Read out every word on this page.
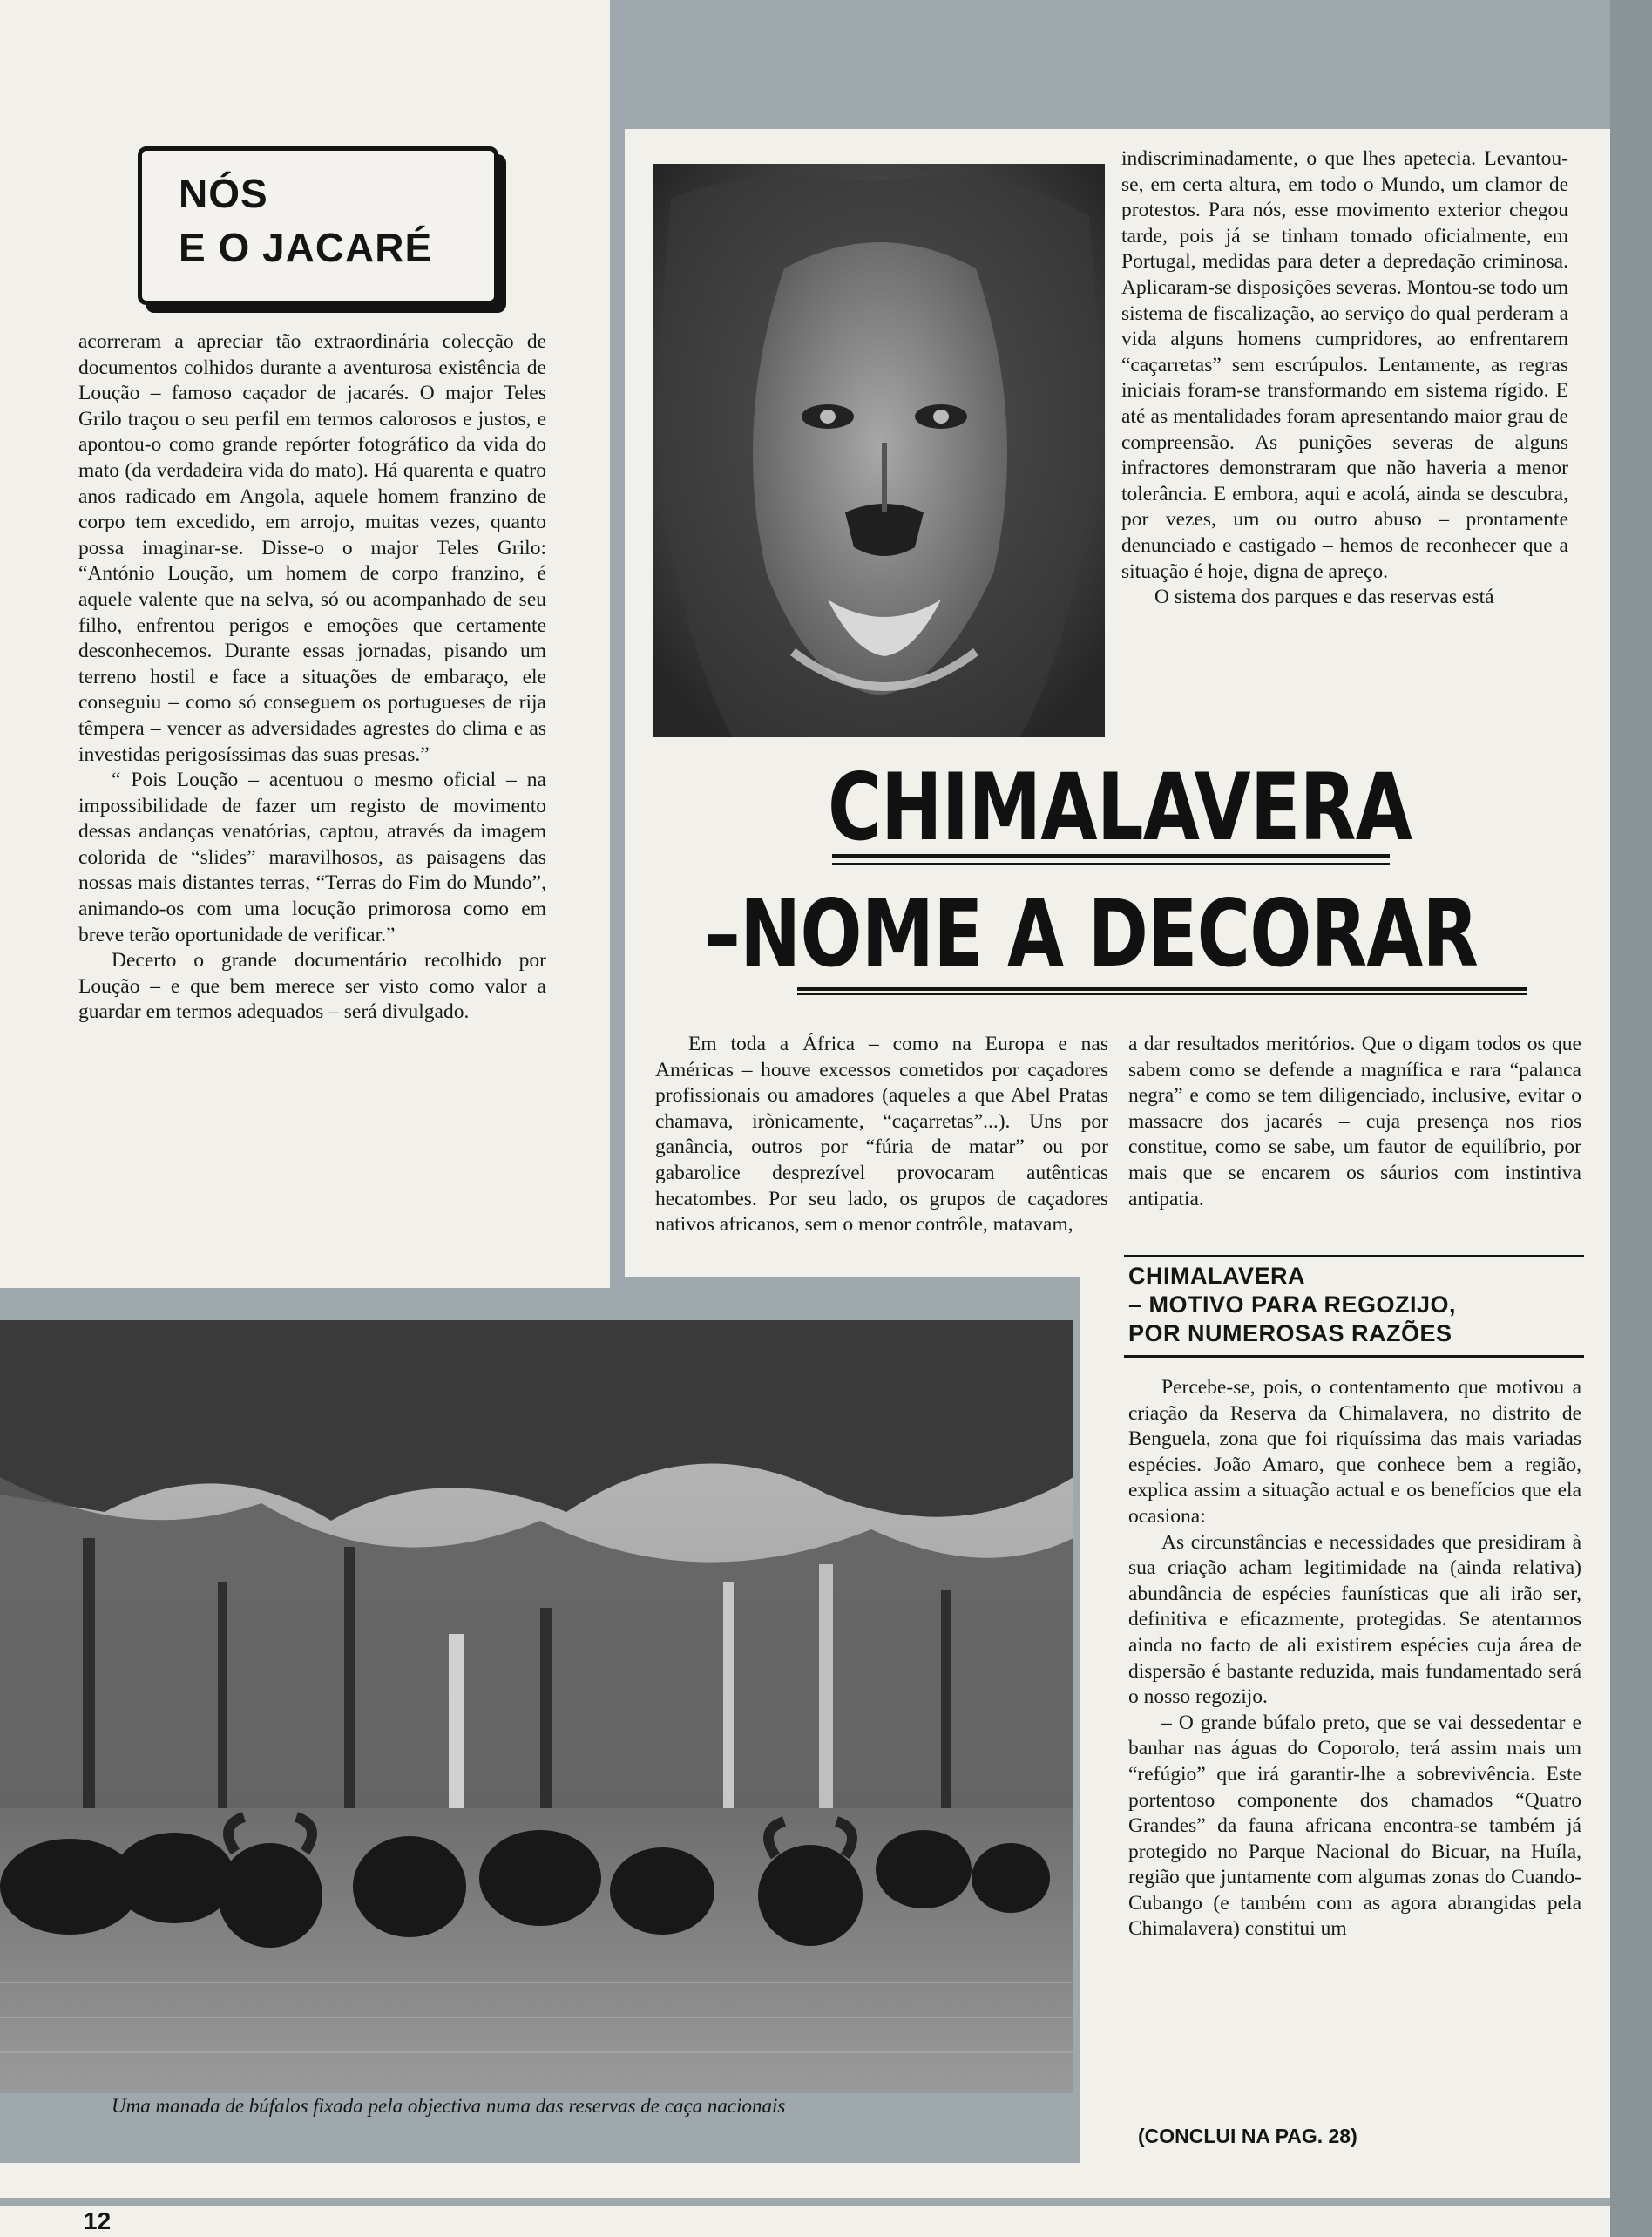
NÓS
E O JACARÉ

acorreram a apreciar tão extraordinária colecção de documentos colhidos durante a aventurosa existência de Loução – famoso caçador de jacarés. O major Teles Grilo traçou o seu perfil em termos calorosos e justos, e apontou-o como grande repórter fotográfico da vida do mato (da verdadeira vida do mato). Há quarenta e quatro anos radicado em Angola, aquele homem franzino de corpo tem excedido, em arrojo, muitas vezes, quanto possa imaginar-se. Disse-o o major Teles Grilo: “António Loução, um homem de corpo franzino, é aquele valente que na selva, só ou acompanhado de seu filho, enfrentou perigos e emoções que certamente desconhecemos. Durante essas jornadas, pisando um terreno hostil e face a situações de embaraço, ele conseguiu – como só conseguem os portugueses de rija têmpera – vencer as adversidades agrestes do clima e as investidas perigosíssimas das suas presas.”

“ Pois Loução – acentuou o mesmo oficial – na impossibilidade de fazer um registo de movimento dessas andanças venatórias, captou, através da imagem colorida de “slides” maravilhosos, as paisagens das nossas mais distantes terras, “Terras do Fim do Mundo”, animando-os com uma locução primorosa como em breve terão oportunidade de verificar.”

Decerto o grande documentário recolhido por Loução – e que bem merece ser visto como valor a guardar em termos adequados – será divulgado.

indiscriminadamente, o que lhes apetecia. Levantou-se, em certa altura, em todo o Mundo, um clamor de protestos. Para nós, esse movimento exterior chegou tarde, pois já se tinham tomado oficialmente, em Portugal, medidas para deter a depredação criminosa. Aplicaram-se disposições severas. Montou-se todo um sistema de fiscalização, ao serviço do qual perderam a vida alguns homens cumpridores, ao enfrentarem “caçarretas” sem escrúpulos. Lentamente, as regras iniciais foram-se transformando em sistema rígido. E até as mentalidades foram apresentando maior grau de compreensão. As punições severas de alguns infractores demonstraram que não haveria a menor tolerância. E embora, aqui e acolá, ainda se descubra, por vezes, um ou outro abuso – prontamente denunciado e castigado – hemos de reconhecer que a situação é hoje, digna de apreço.

O sistema dos parques e das reservas está

CHIMALAVERA
–NOME A DECORAR

Em toda a África – como na Europa e nas Américas – houve excessos cometidos por caçadores profissionais ou amadores (aqueles a que Abel Pratas chamava, irònicamente, “caçarretas”...). Uns por ganância, outros por “fúria de matar” ou por gabarolice desprezível provocaram autênticas hecatombes. Por seu lado, os grupos de caçadores nativos africanos, sem o menor contrôle, matavam,

a dar resultados meritórios. Que o digam todos os que sabem como se defende a magnífica e rara “palanca negra” e como se tem diligenciado, inclusive, evitar o massacre dos jacarés – cuja presença nos rios constitue, como se sabe, um fautor de equilíbrio, por mais que se encarem os sáurios com instintiva antipatia.

CHIMALAVERA
– MOTIVO PARA REGOZIJO,
POR NUMEROSAS RAZÕES

Percebe-se, pois, o contentamento que motivou a criação da Reserva da Chimalavera, no distrito de Benguela, zona que foi riquíssima das mais variadas espécies. João Amaro, que conhece bem a região, explica assim a situação actual e os benefícios que ela ocasiona:

As circunstâncias e necessidades que presidiram à sua criação acham legitimidade na (ainda relativa) abundância de espécies faunísticas que ali irão ser, definitiva e eficazmente, protegidas. Se atentarmos ainda no facto de ali existirem espécies cuja área de dispersão é bastante reduzida, mais fundamentado será o nosso regozijo.

– O grande búfalo preto, que se vai dessedentar e banhar nas águas do Coporolo, terá assim mais um “refúgio” que irá garantir-lhe a sobrevivência. Este portentoso componente dos chamados “Quatro Grandes” da fauna africana encontra-se também já protegido no Parque Nacional do Bicuar, na Huíla, região que juntamente com algumas zonas do Cuando-Cubango (e também com as agora abrangidas pela Chimalavera) constitui um

(CONCLUI NA PAG. 28)
Uma manada de búfalos fixada pela objectiva numa das reservas de caça nacionais
12
